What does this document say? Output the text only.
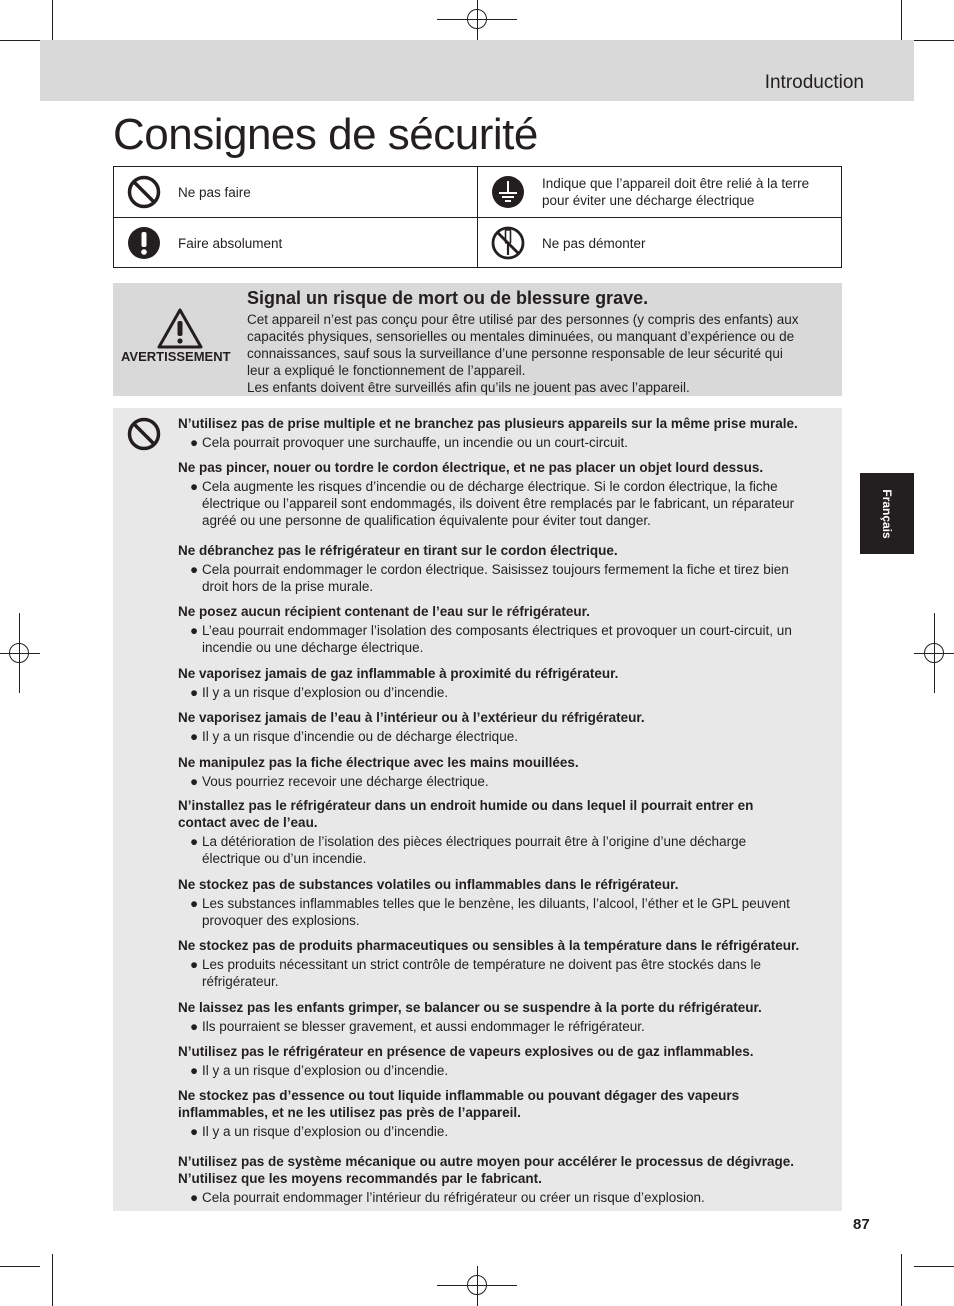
Introduction
Consignes de sécurité
Ne pas faire
Indique que l’appareil doit être relié à la terre
pour éviter une décharge électrique
Faire absolument	Ne pas démonter
AVERTISSEMENT
Signal un risque de mort ou de blessure grave.
Cet appareil n’est pas conçu pour être utilisé par des personnes (y compris des enfants) aux
capacités physiques, sensorielles ou mentales diminuées, ou manquant d’expérience ou de
connaissances, sauf sous la surveillance d’une personne responsable de leur sécurité qui
leur a expliqué le fonctionnement de l’appareil.
Les enfants doivent être surveillés afin qu’ils ne jouent pas avec l’appareil.
N’utilisez pas de prise multiple et ne branchez pas plusieurs appareils sur la même prise murale.
● Cela pourrait provoquer une surchauffe, un incendie ou un court-circuit.
Ne pas pincer, nouer ou tordre le cordon électrique, et ne pas placer un objet lourd dessus.
● Cela augmente les risques d’incendie ou de décharge électrique. Si le cordon électrique, la fiche
électrique ou l’appareil sont endommagés, ils doivent être remplacés par le fabricant, un réparateur
agréé ou une personne de qualification équivalente pour éviter tout danger.
Ne débranchez pas le réfrigérateur en tirant sur le cordon électrique.
● Cela pourrait endommager le cordon électrique. Saisissez toujours fermement la fiche et tirez bien
droit hors de la prise murale.
Ne posez aucun récipient contenant de l’eau sur le réfrigérateur.
● L’eau pourrait endommager l’isolation des composants électriques et provoquer un court-circuit, un
incendie ou une décharge électrique.
Ne vaporisez jamais de gaz inflammable à proximité du réfrigérateur.
● Il y a un risque d’explosion ou d’incendie.
Ne vaporisez jamais de l’eau à l’intérieur ou à l’extérieur du réfrigérateur.
● Il y a un risque d’incendie ou de décharge électrique.
Ne manipulez pas la fiche électrique avec les mains mouillées.
● Vous pourriez recevoir une décharge électrique.
N’installez pas le réfrigérateur dans un endroit humide ou dans lequel il pourrait entrer en
contact avec de l’eau.
● La détérioration de l’isolation des pièces électriques pourrait être à l’origine d’une décharge
électrique ou d’un incendie.
Ne stockez pas de substances volatiles ou inflammables dans le réfrigérateur.
● Les substances inflammables telles que le benzène, les diluants, l’alcool, l’éther et le GPL peuvent
provoquer des explosions.
Ne stockez pas de produits pharmaceutiques ou sensibles à la température dans le réfrigérateur.
● Les produits nécessitant un strict contrôle de température ne doivent pas être stockés dans le
réfrigérateur.
Ne laissez pas les enfants grimper, se balancer ou se suspendre à la porte du réfrigérateur.
● Ils pourraient se blesser gravement, et aussi endommager le réfrigérateur.
N’utilisez pas le réfrigérateur en présence de vapeurs explosives ou de gaz inflammables.
● Il y a un risque d’explosion ou d’incendie.
Ne stockez pas d’essence ou tout liquide inflammable ou pouvant dégager des vapeurs
inflammables, et ne les utilisez pas près de l’appareil.
● Il y a un risque d’explosion ou d’incendie.
N’utilisez pas de système mécanique ou autre moyen pour accélérer le processus de dégivrage.
N’utilisez que les moyens recommandés par le fabricant.
● Cela pourrait endommager l’intérieur du réfrigérateur ou créer un risque d’explosion.
Français
87
